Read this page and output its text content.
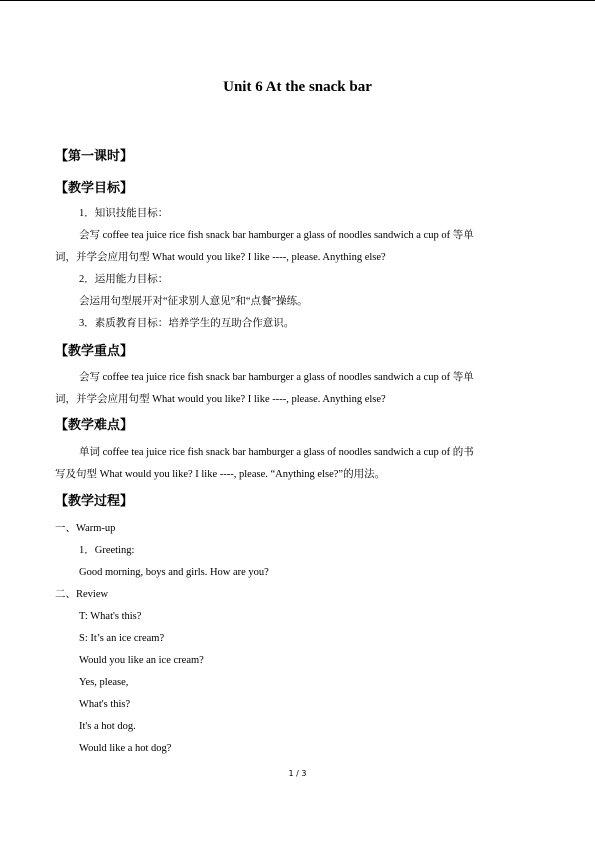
Unit 6 At the snack bar
【第一课时】
【教学目标】
1．知识技能目标：
会写 coffee tea juice rice fish snack bar hamburger a glass of noodles sandwich a cup of 等单
词，并学会应用句型 What would you like? I like ----, please. Anything else?
2．运用能力目标：
会运用句型展开对“征求别人意见”和“点餐”操练。
3．素质教育目标：培养学生的互助合作意识。
【教学重点】
会写 coffee tea juice rice fish snack bar hamburger a glass of noodles sandwich a cup of 等单
词，并学会应用句型 What would you like? I like ----, please. Anything else?
【教学难点】
单词 coffee tea juice rice fish snack bar hamburger a glass of noodles sandwich a cup of 的书
写及句型 What would you like? I like ----, please. “Anything else?”的用法。
【教学过程】
一、Warm-up
1．Greeting:
Good morning, boys and girls. How are you?
二、Review
T: What's this?
S: It’s an ice cream?
Would you like an ice cream?
Yes, please,
What's this?
It's a hot dog.
Would like a hot dog?
1 / 3
